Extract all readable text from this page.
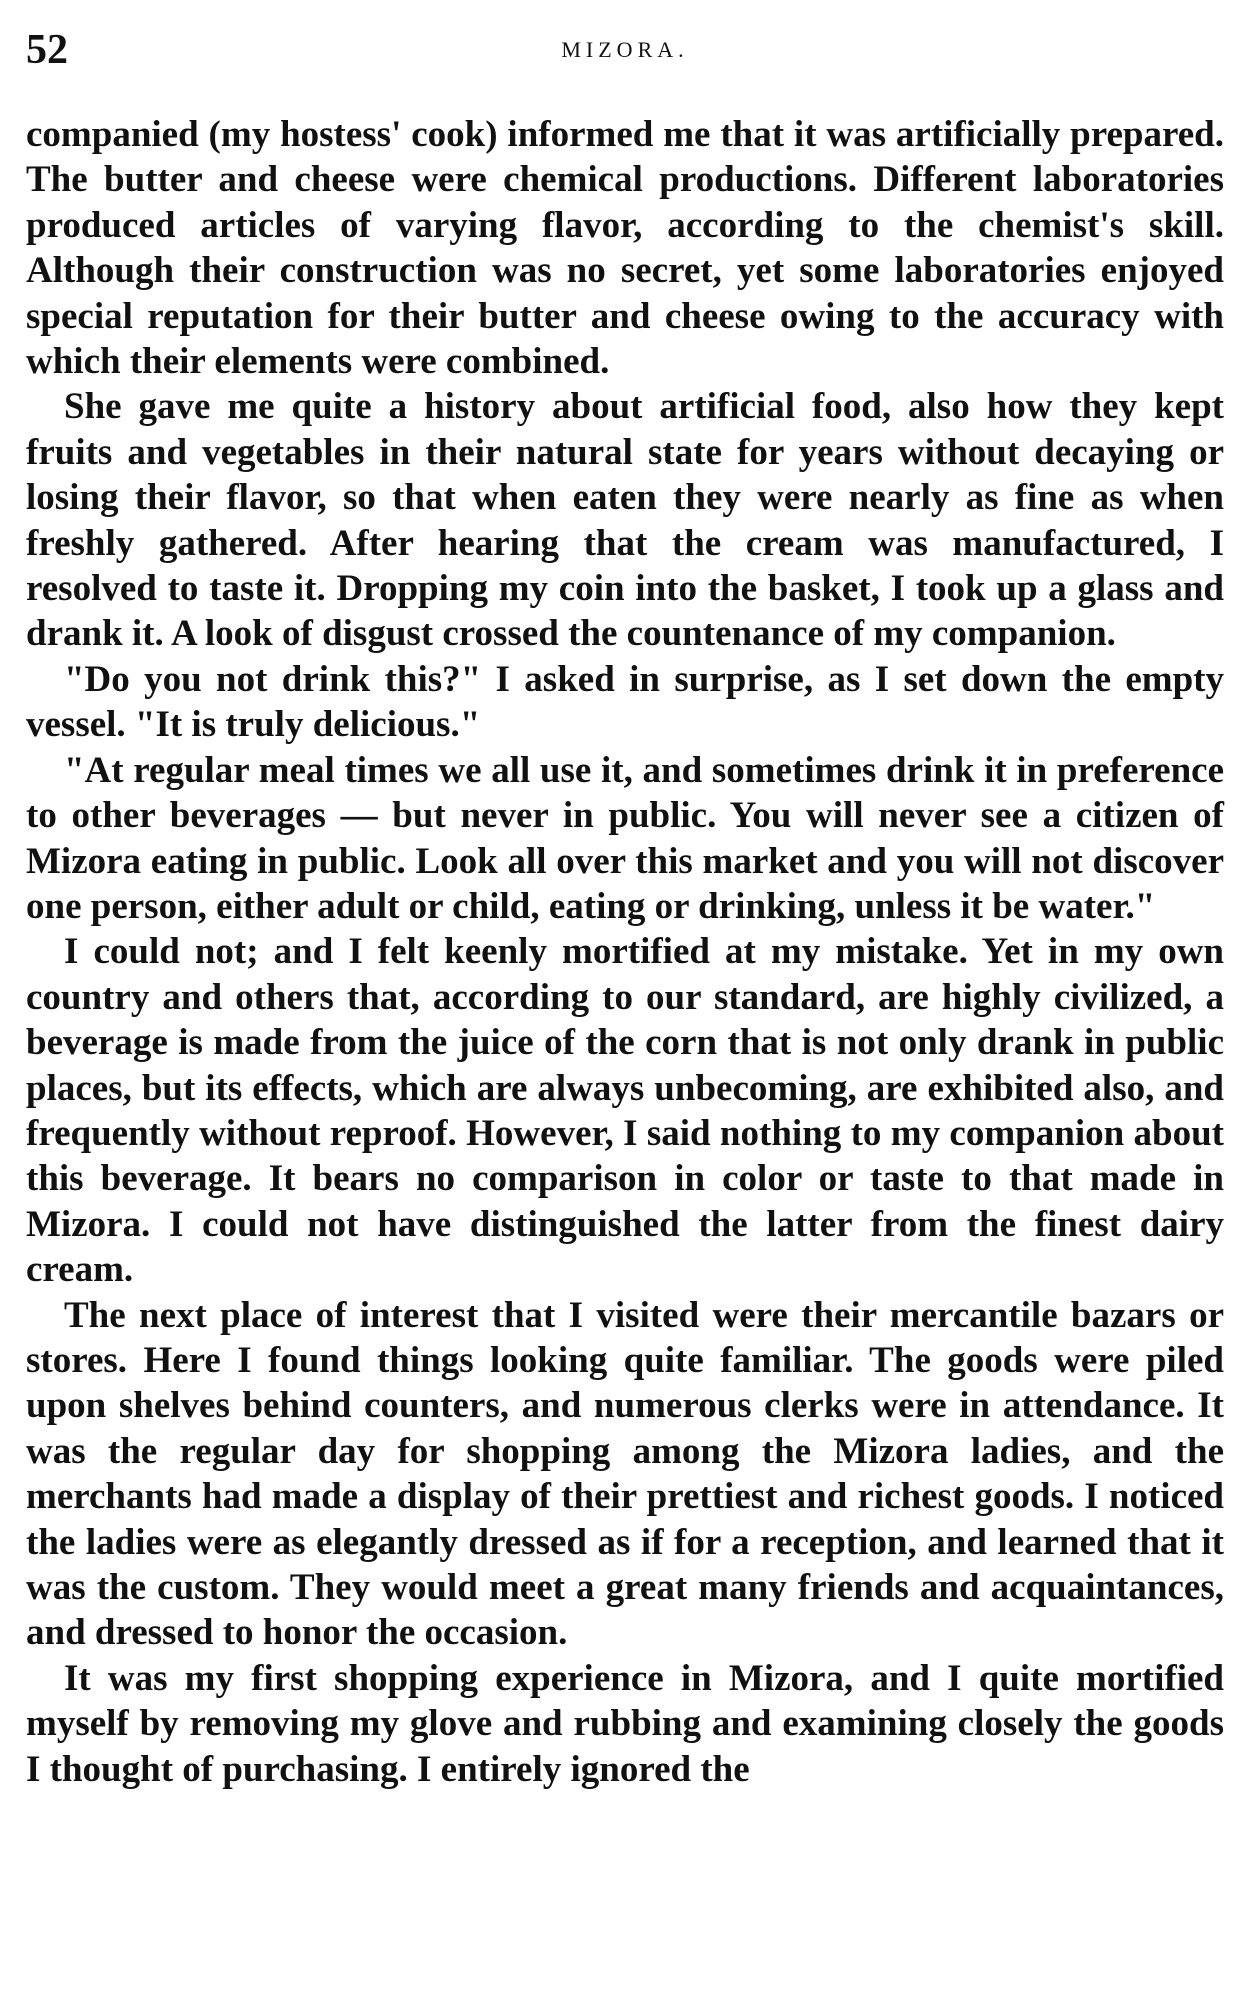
52	MIZORA.

companied (my hostess' cook) informed me that it was artificially prepared. The butter and cheese were chemical productions. Different laboratories produced articles of varying flavor, according to the chemist's skill. Although their construction was no secret, yet some laboratories enjoyed special reputation for their butter and cheese owing to the accuracy with which their elements were combined.

She gave me quite a history about artificial food, also how they kept fruits and vegetables in their natural state for years without decaying or losing their flavor, so that when eaten they were nearly as fine as when freshly gathered. After hearing that the cream was manufactured, I resolved to taste it. Dropping my coin into the basket, I took up a glass and drank it. A look of disgust crossed the countenance of my companion.

"Do you not drink this?" I asked in surprise, as I set down the empty vessel. "It is truly delicious."

"At regular meal times we all use it, and sometimes drink it in preference to other beverages — but never in public. You will never see a citizen of Mizora eating in public. Look all over this market and you will not discover one person, either adult or child, eating or drinking, unless it be water."

I could not; and I felt keenly mortified at my mistake. Yet in my own country and others that, according to our standard, are highly civilized, a beverage is made from the juice of the corn that is not only drank in public places, but its effects, which are always unbecoming, are exhibited also, and frequently without reproof. However, I said nothing to my companion about this beverage. It bears no comparison in color or taste to that made in Mizora. I could not have distinguished the latter from the finest dairy cream.

The next place of interest that I visited were their mercantile bazars or stores. Here I found things looking quite familiar. The goods were piled upon shelves behind counters, and numerous clerks were in attendance. It was the regular day for shopping among the Mizora ladies, and the merchants had made a display of their prettiest and richest goods. I noticed the ladies were as elegantly dressed as if for a reception, and learned that it was the custom. They would meet a great many friends and acquaintances, and dressed to honor the occasion.

It was my first shopping experience in Mizora, and I quite mortified myself by removing my glove and rubbing and examining closely the goods I thought of purchasing. I entirely ignored the
